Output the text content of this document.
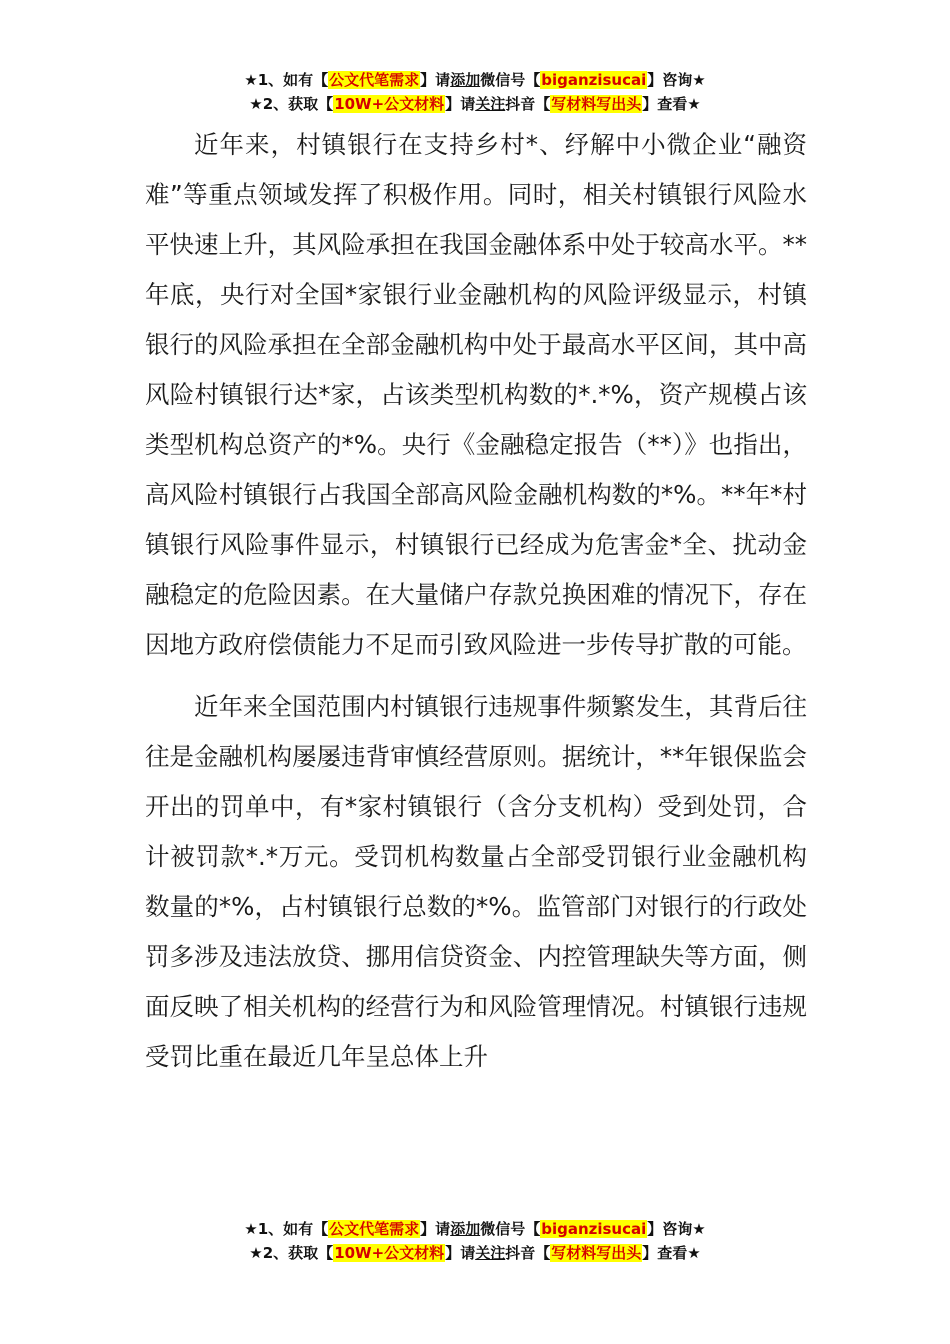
★1、如有【公文代笔需求】请添加微信号【biganzisucai】咨询★
★2、获取【10W+公文材料】请关注抖音【写材料写出头】查看★

近年来，村镇银行在支持乡村*、纾解中小微企业“融资难”等重点领域发挥了积极作用。同时，相关村镇银行风险水平快速上升，其风险承担在我国金融体系中处于较高水平。**年底，央行对全国*家银行业金融机构的风险评级显示，村镇银行的风险承担在全部金融机构中处于最高水平区间，其中高风险村镇银行达*家，占该类型机构数的*.*%，资产规模占该类型机构总资产的*%。央行《金融稳定报告（**）》也指出，高风险村镇银行占我国全部高风险金融机构数的*%。**年*村镇银行风险事件显示，村镇银行已经成为危害金*全、扰动金融稳定的危险因素。在大量储户存款兑换困难的情况下，存在因地方政府偿债能力不足而引致风险进一步传导扩散的可能。

近年来全国范围内村镇银行违规事件频繁发生，其背后往往是金融机构屡屡违背审慎经营原则。据统计，**年银保监会开出的罚单中，有*家村镇银行（含分支机构）受到处罚，合计被罚款*.*万元。受罚机构数量占全部受罚银行业金融机构数量的*%，占村镇银行总数的*%。监管部门对银行的行政处罚多涉及违法放贷、挪用信贷资金、内控管理缺失等方面，侧面反映了相关机构的经营行为和风险管理情况。村镇银行违规受罚比重在最近几年呈总体上升

★1、如有【公文代笔需求】请添加微信号【biganzisucai】咨询★
★2、获取【10W+公文材料】请关注抖音【写材料写出头】查看★
